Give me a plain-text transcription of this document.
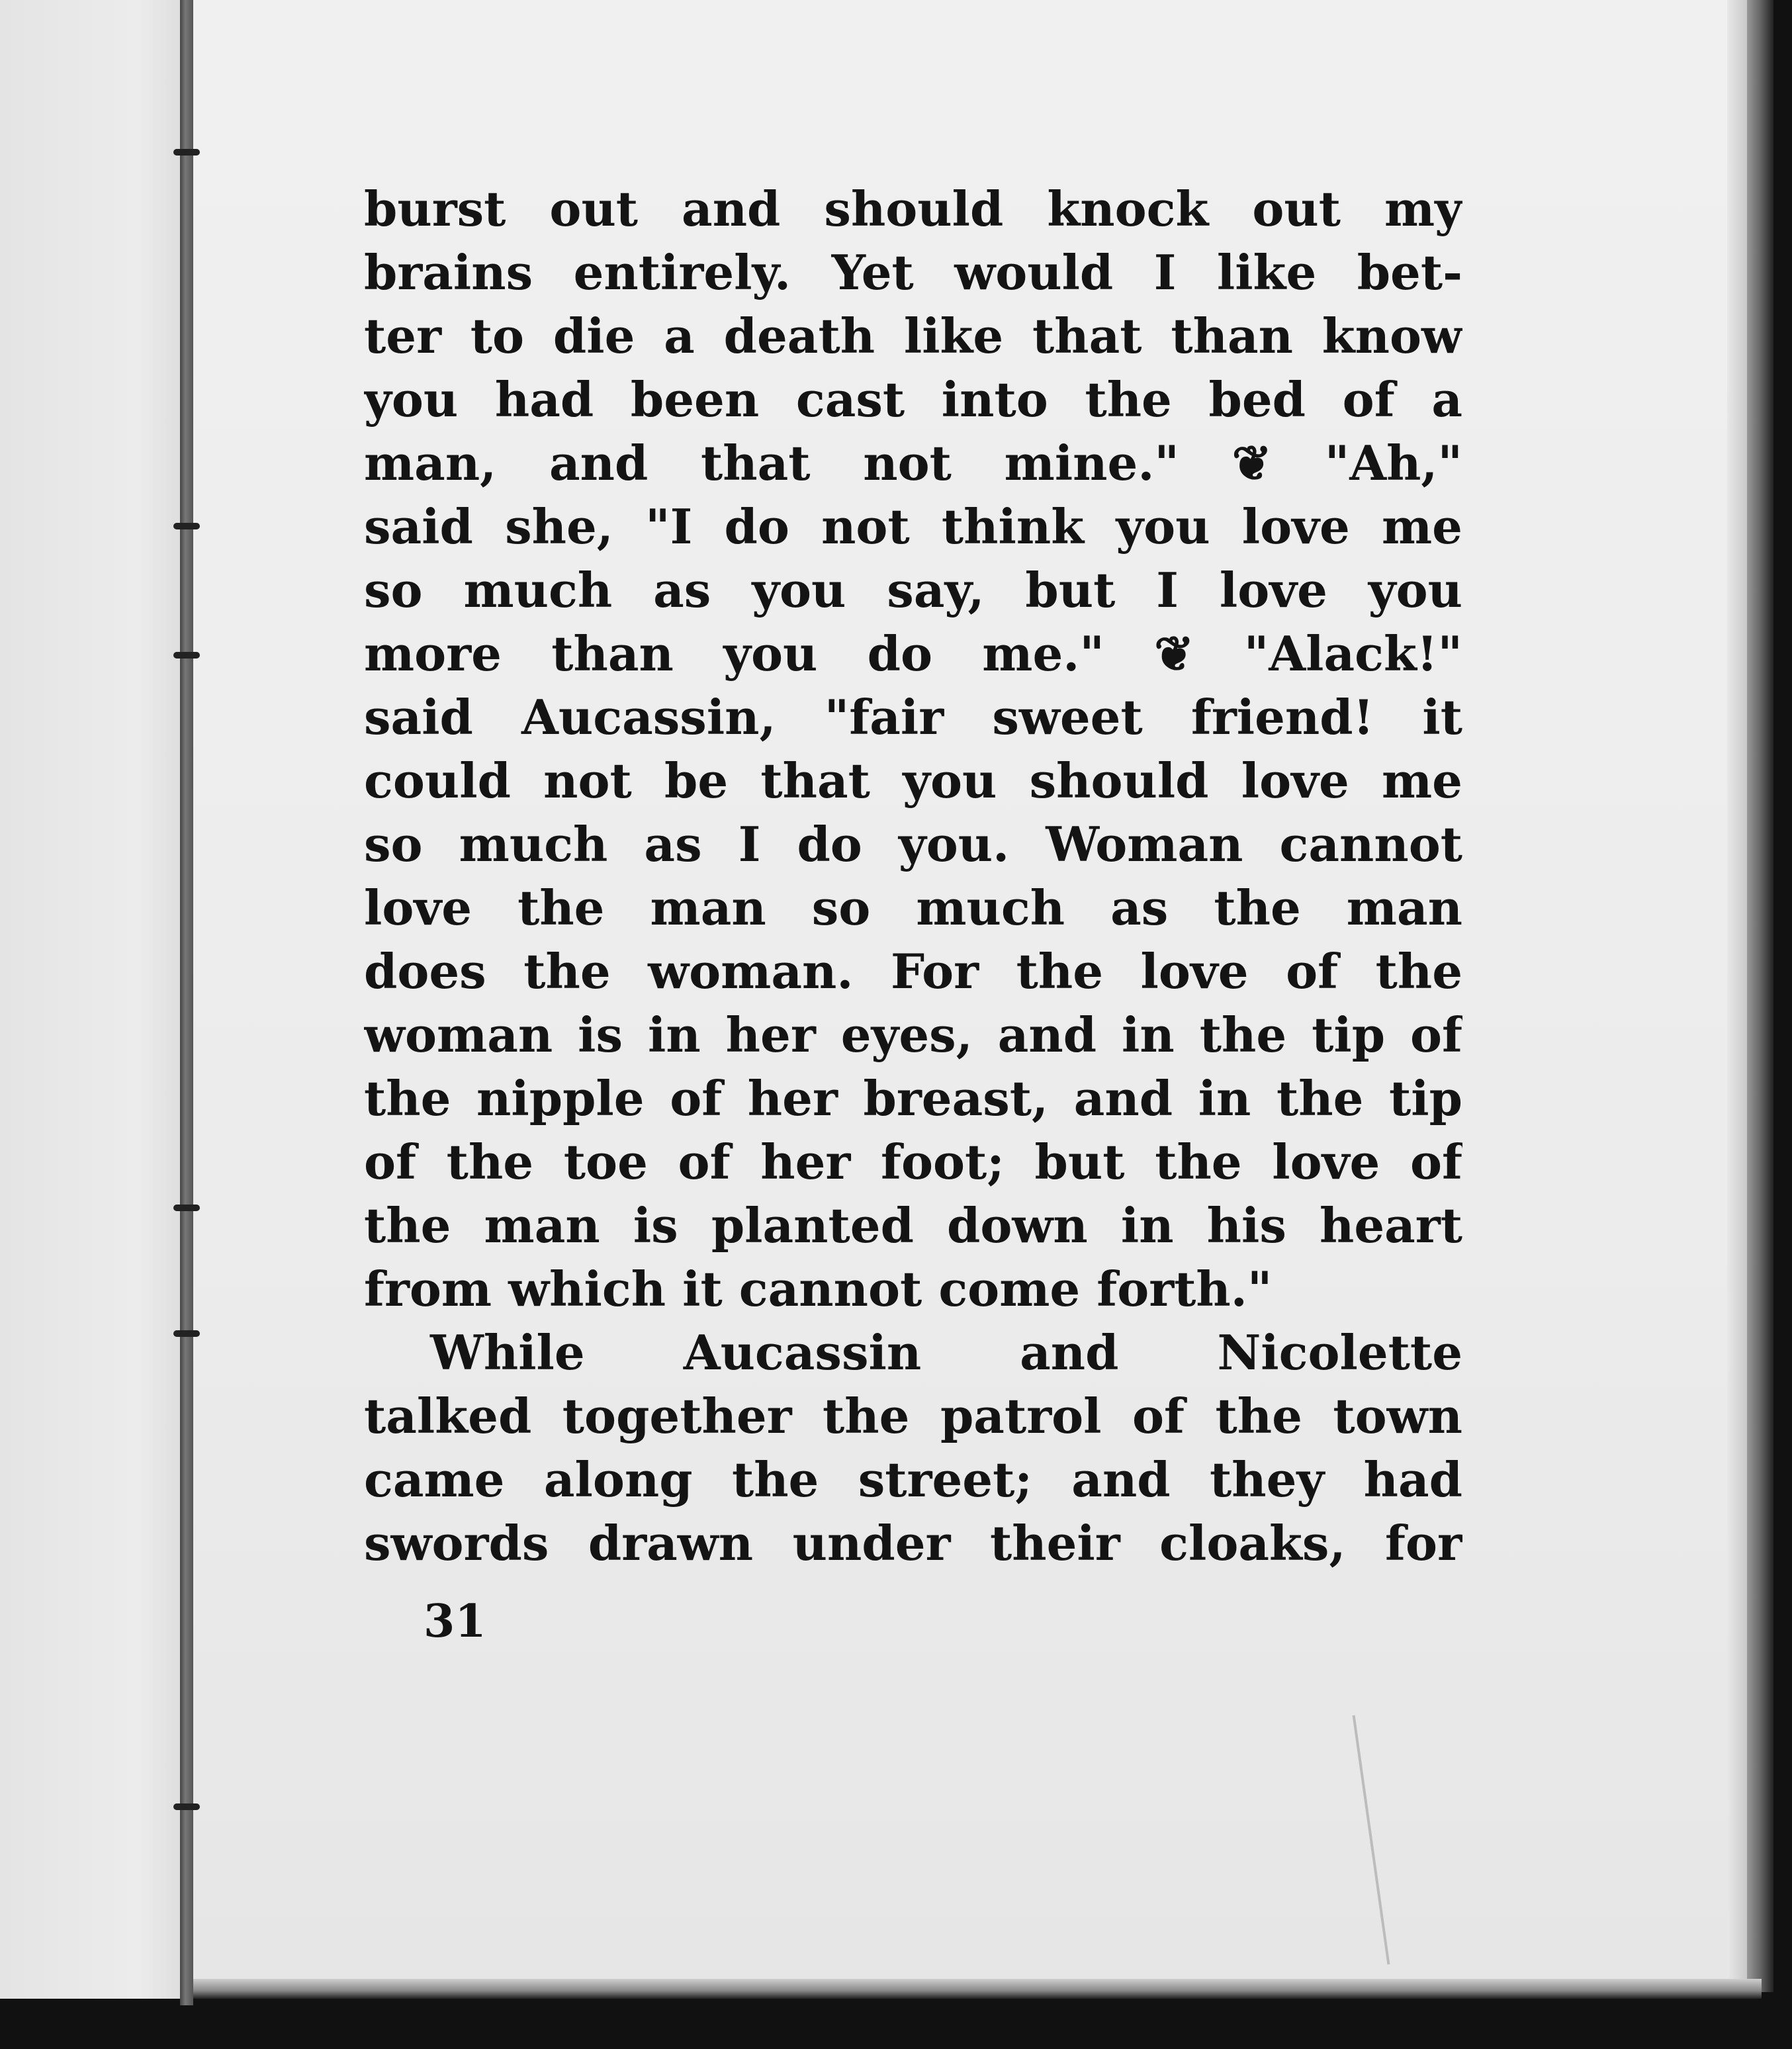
burst out and should knock out my
brains entirely. Yet would I like bet-
ter to die a death like that than know
you had been cast into the bed of a
man, and that not mine." ❦ "Ah,"
said she, "I do not think you love me
so much as you say, but I love you
more than you do me." ❦ "Alack!"
said Aucassin, "fair sweet friend! it
could not be that you should love me
so much as I do you. Woman cannot
love the man so much as the man
does the woman. For the love of the
woman is in her eyes, and in the tip of
the nipple of her breast, and in the tip
of the toe of her foot; but the love of
the man is planted down in his heart
from which it cannot come forth."
While Aucassin and Nicolette
talked together the patrol of the town
came along the street; and they had
swords drawn under their cloaks, for
31
